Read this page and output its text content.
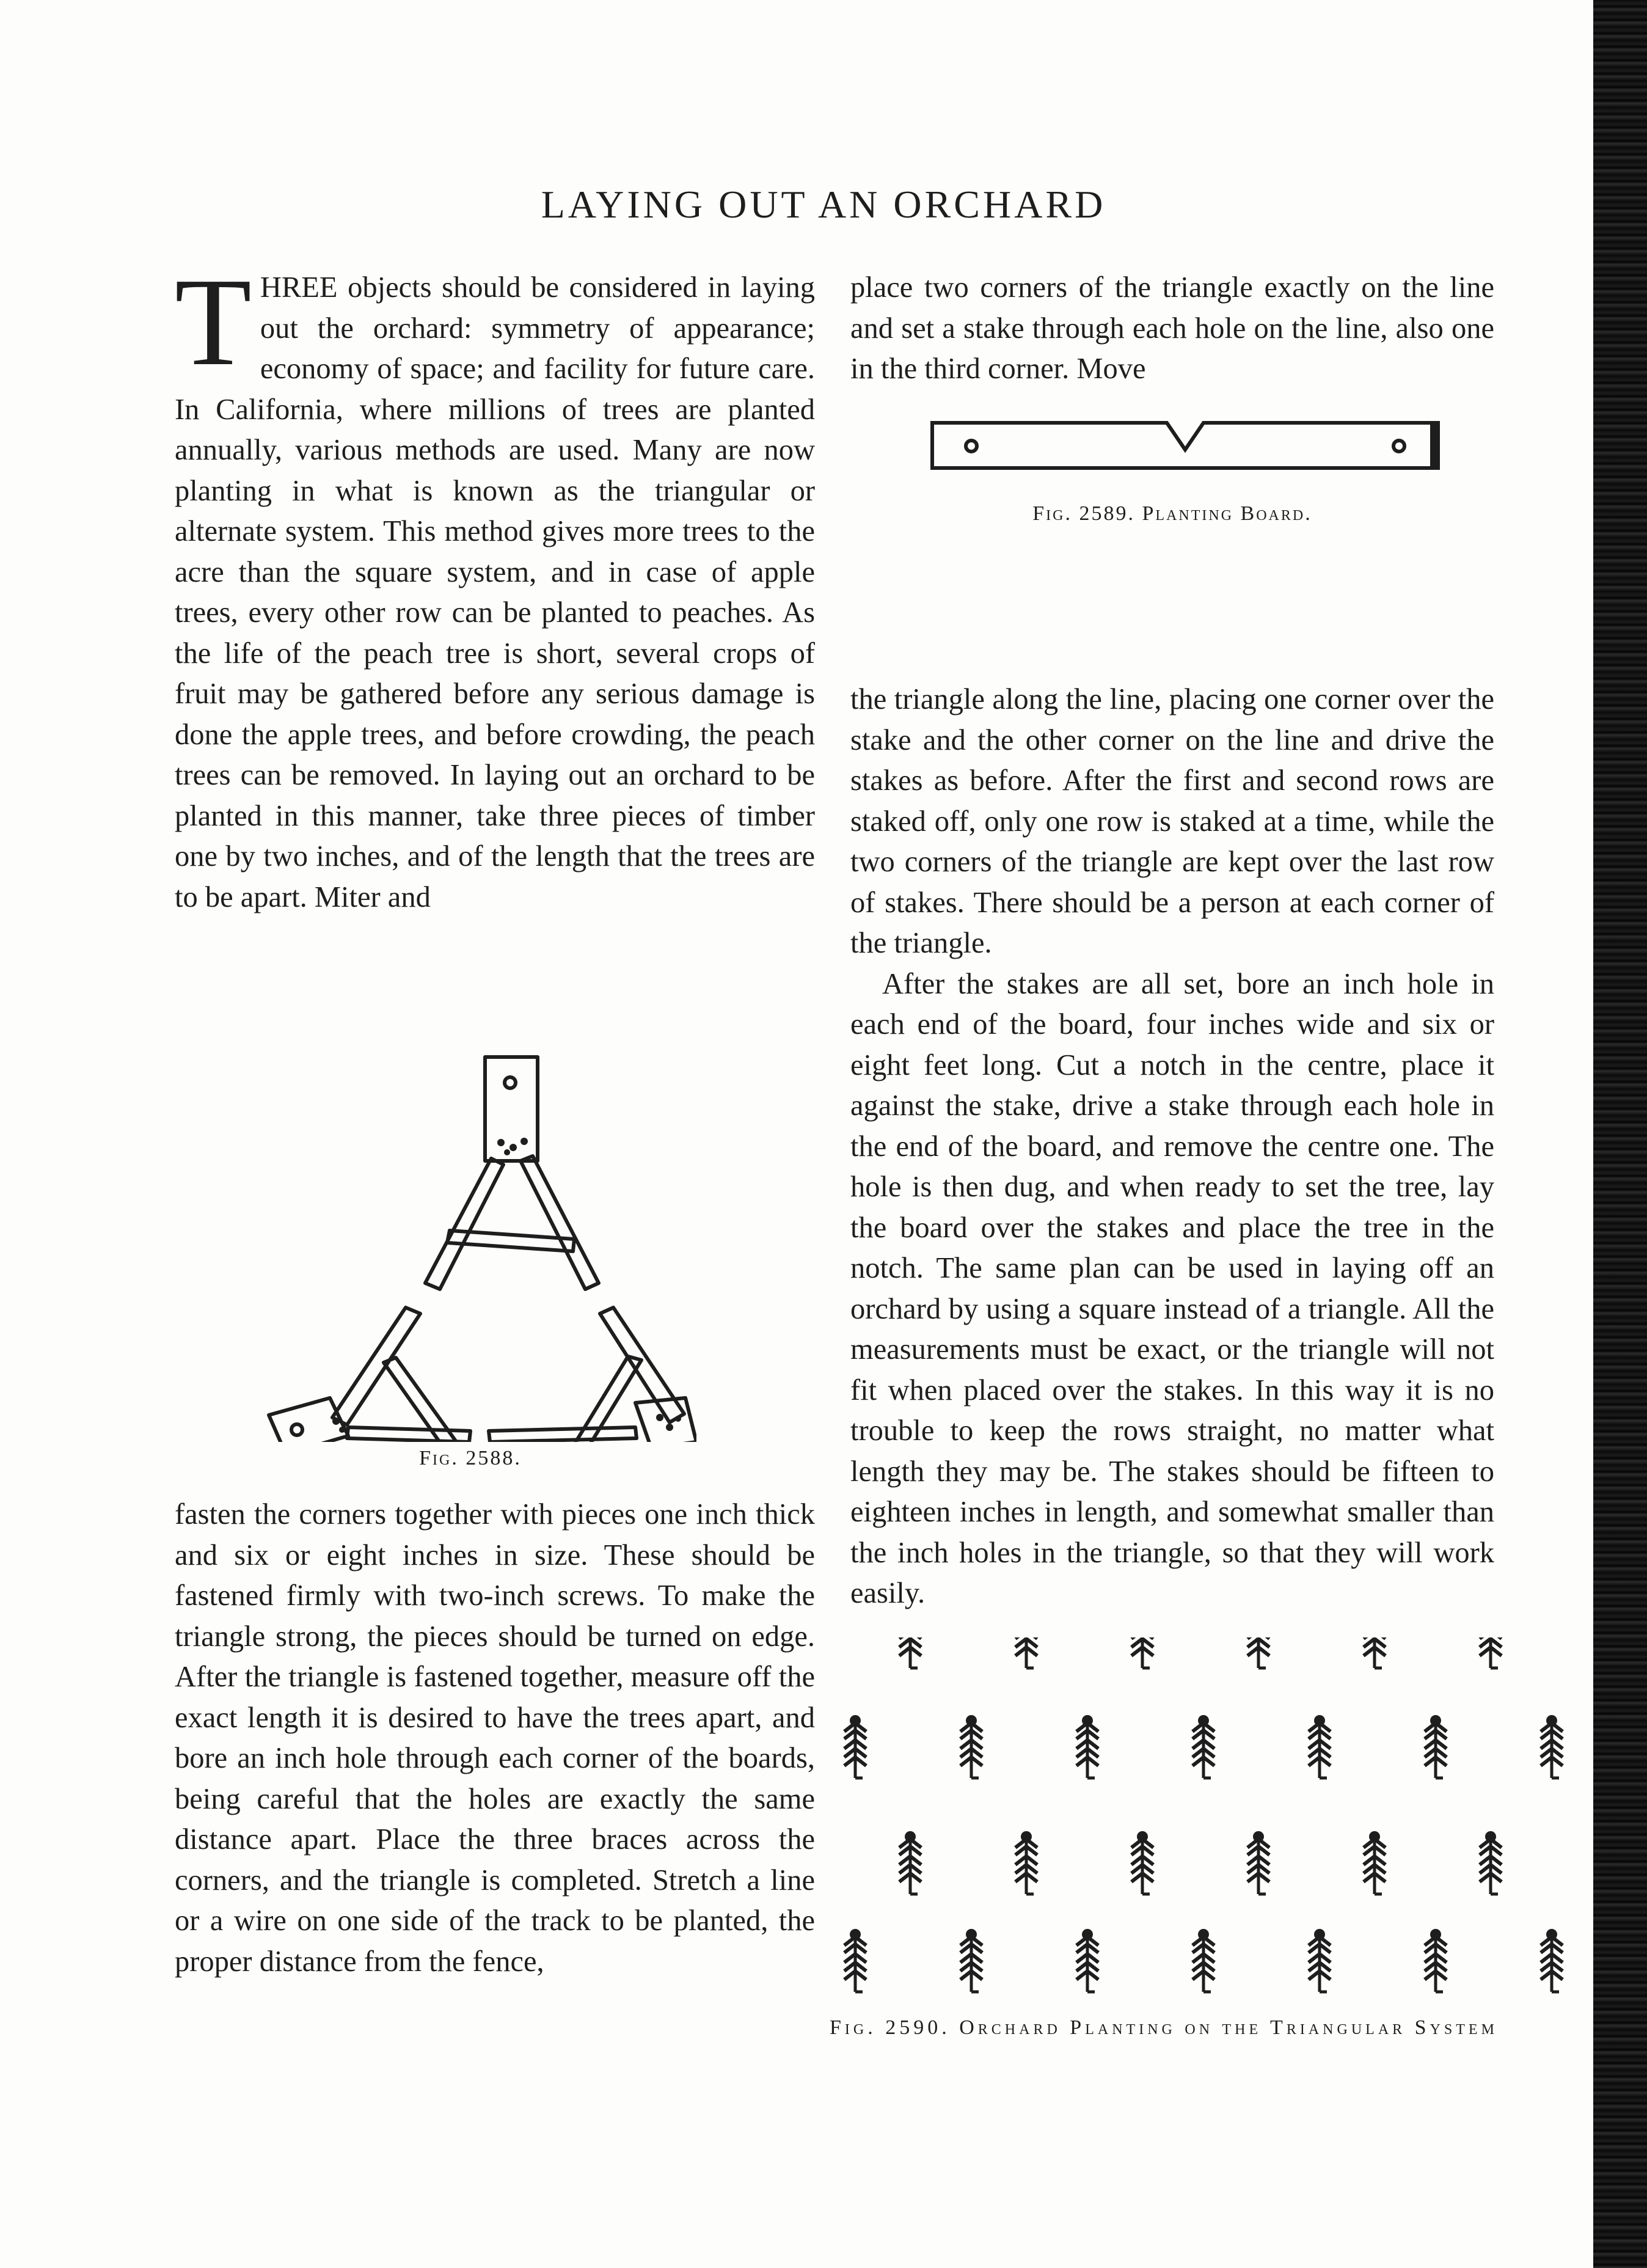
LAYING OUT AN ORCHARD

THREE objects should be considered in laying out the orchard: symmetry of appearance; economy of space; and facility for future care. In California, where millions of trees are planted annually, various methods are used. Many are now planting in what is known as the triangular or alternate system. This method gives more trees to the acre than the square system, and in case of apple trees, every other row can be planted to peaches. As the life of the peach tree is short, several crops of fruit may be gathered before any serious damage is done the apple trees, and before crowding, the peach trees can be removed. In laying out an orchard to be planted in this manner, take three pieces of timber one by two inches, and of the length that the trees are to be apart. Miter and

Fig. 2588.

fasten the corners together with pieces one inch thick and six or eight inches in size. These should be fastened firmly with two-inch screws. To make the triangle strong, the pieces should be turned on edge. After the triangle is fastened together, measure off the exact length it is desired to have the trees apart, and bore an inch hole through each corner of the boards, being careful that the holes are exactly the same distance apart. Place the three braces across the corners, and the triangle is completed. Stretch a line or a wire on one side of the track to be planted, the proper distance from the fence,

place two corners of the triangle exactly on the line and set a stake through each hole on the line, also one in the third corner. Move

Fig. 2589. Planting Board.

the triangle along the line, placing one corner over the stake and the other corner on the line and drive the stakes as before. After the first and second rows are staked off, only one row is staked at a time, while the two corners of the triangle are kept over the last row of stakes. There should be a person at each corner of the triangle.

After the stakes are all set, bore an inch hole in each end of the board, four inches wide and six or eight feet long. Cut a notch in the centre, place it against the stake, drive a stake through each hole in the end of the board, and remove the centre one. The hole is then dug, and when ready to set the tree, lay the board over the stakes and place the tree in the notch. The same plan can be used in laying off an orchard by using a square instead of a triangle. All the measurements must be exact, or the triangle will not fit when placed over the stakes. In this way it is no trouble to keep the rows straight, no matter what length they may be. The stakes should be fifteen to eighteen inches in length, and somewhat smaller than the inch holes in the triangle, so that they will work easily.

Fig. 2590. Orchard Planting on the Triangular System
